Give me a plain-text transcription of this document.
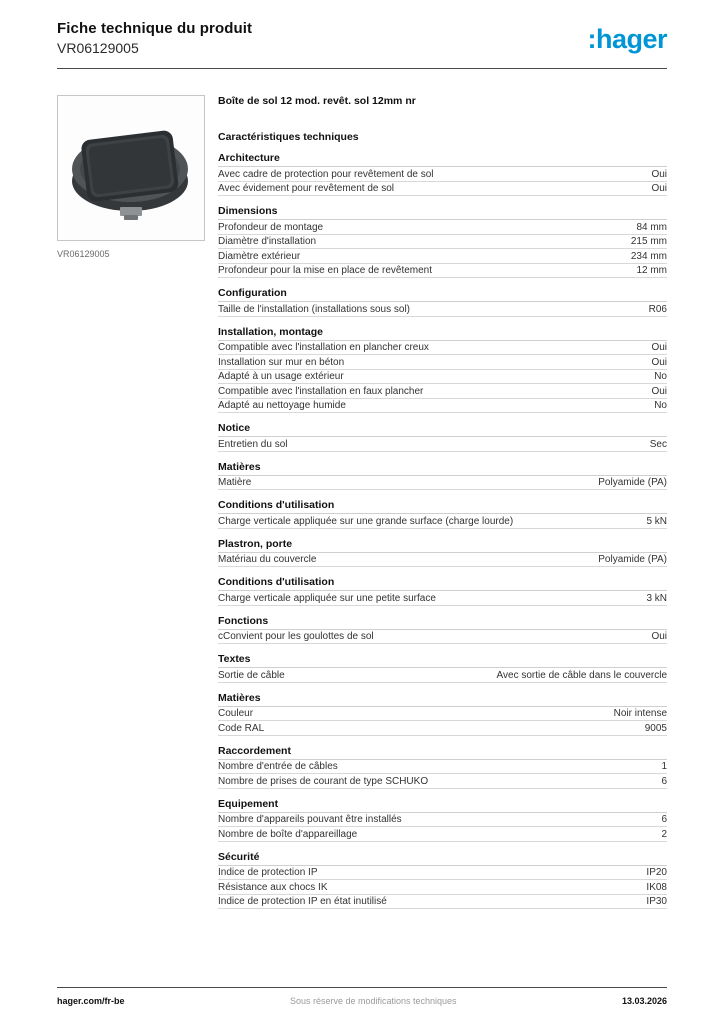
Fiche technique du produit
VR06129005	:hager
VR06129005
Boîte de sol 12 mod. revêt. sol 12mm nr
Caractéristiques techniques
Architecture
Avec cadre de protection pour revêtement de sol	Oui
Avec évidement pour revêtement de sol	Oui
Dimensions
Profondeur de montage	84 mm
Diamètre d'installation	215 mm
Diamètre extérieur	234 mm
Profondeur pour la mise en place de revêtement	12 mm
Configuration
Taille de l'installation (installations sous sol)	R06
Installation, montage
Compatible avec l'installation en plancher creux	Oui
Installation sur mur en béton	Oui
Adapté à un usage extérieur	No
Compatible avec l'installation en faux plancher	Oui
Adapté au nettoyage humide	No
Notice
Entretien du sol	Sec
Matières
Matière	Polyamide (PA)
Conditions d'utilisation
Charge verticale appliquée sur une grande surface (charge lourde)	5 kN
Plastron, porte
Matériau du couvercle	Polyamide (PA)
Conditions d'utilisation
Charge verticale appliquée sur une petite surface	3 kN
Fonctions
cConvient pour les goulottes de sol	Oui
Textes
Sortie de câble	Avec sortie de câble dans le couvercle
Matières
Couleur	Noir intense
Code RAL	9005
Raccordement
Nombre d'entrée de câbles	1
Nombre de prises de courant de type SCHUKO	6
Equipement
Nombre d'appareils pouvant être installés	6
Nombre de boîte d'appareillage	2
Sécurité
Indice de protection IP	IP20
Résistance aux chocs IK	IK08
Indice de protection IP en état inutilisé	IP30
hager.com/fr-be	Sous réserve de modifications techniques	13.03.2026
